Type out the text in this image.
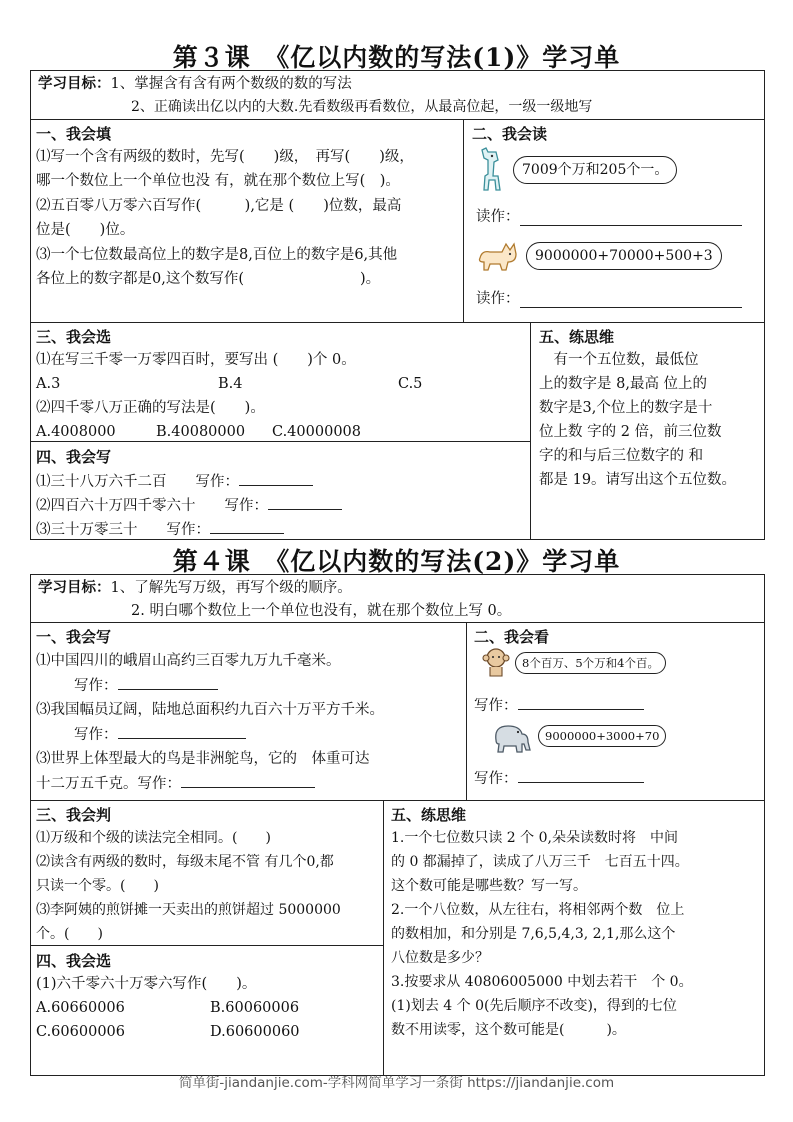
第３课　《亿以内数的写法(1)》学习单
学习目标：1、掌握含有含有两个数级的数的写法
2、正确读出亿以内的大数.先看数级再看数位，从最高位起，一级一级地写
一、我会填
⑴写一个含有两级的数时，先写(　　)级，　再写(　　)级，
哪一个数位上一个单位也没 有，就在那个数位上写(　)。
⑵五百零八万零六百写作(　　　),它是 (　　)位数，最高
位是(　　)位。
⑶一个七位数最高位上的数字是8,百位上的数字是6,其他
各位上的数字都是0,这个数写作(　　　　　　　　)。
二、我会读
7009个万和205个一。
读作：
9000000+70000+500+3
读作：
三、我会选
⑴在写三千零一万零四百时，要写出 (　　)个 0。
A.3	B.4	C.5
⑵四千零八万正确的写法是(　　)。
A.4008000	B.40080000 C.40000008
四、我会写
⑴三十八万六千二百　　写作：
⑵四百六十万四千零六十　　写作：
⑶三十万零三十　　写作：
五、练思维
　有一个五位数，最低位
上的数字是 8,最高 位上的
数字是3,个位上的数字是十
位上数 字的 2 倍，前三位数
字的和与后三位数字的 和
都是 19。请写出这个五位数。
第４课　《亿以内数的写法(2)》学习单
学习目标：1、了解先写万级，再写个级的顺序。
2. 明白哪个数位上一个单位也没有，就在那个数位上写 0。
一、我会写
⑴中国四川的峨眉山高约三百零九万九千毫米。
写作：
⑶我国幅员辽阔，陆地总面积约九百六十万平方千米。
写作：
⑶世界上体型最大的鸟是非洲鸵鸟，它的　体重可达
十二万五千克。写作：
二、我会看
8个百万、5个万和4个百。
写作：
9000000+3000+70
写作：
三、我会判
⑴万级和个级的读法完全相同。(　　)
⑵读含有两级的数时，每级末尾不管 有几个0,都
只读一个零。(　　)
⑶李阿姨的煎饼摊一天卖出的煎饼超过 5000000
个。(　　)
四、我会选
(1)六千零六十万零六写作(　　)。
A.60660006	B.60060006
C.60600006	D.60600060
五、练思维
1.一个七位数只读 2 个 0,朵朵读数时将　中间
的 0 都漏掉了，读成了八万三千　七百五十四。
这个数可能是哪些数？写一写。
2.一个八位数，从左往右，将相邻两个数　位上
的数相加，和分别是 7,6,5,4,3, 2,1,那么这个
八位数是多少？
3.按要求从 40806005000 中划去若干　个 0。
(1)划去 4 个 0(先后顺序不改变)，得到的七位
数不用读零，这个数可能是(　　　)。
简单街-jiandanjie.com-学科网简单学习一条街 https://jiandanjie.com
